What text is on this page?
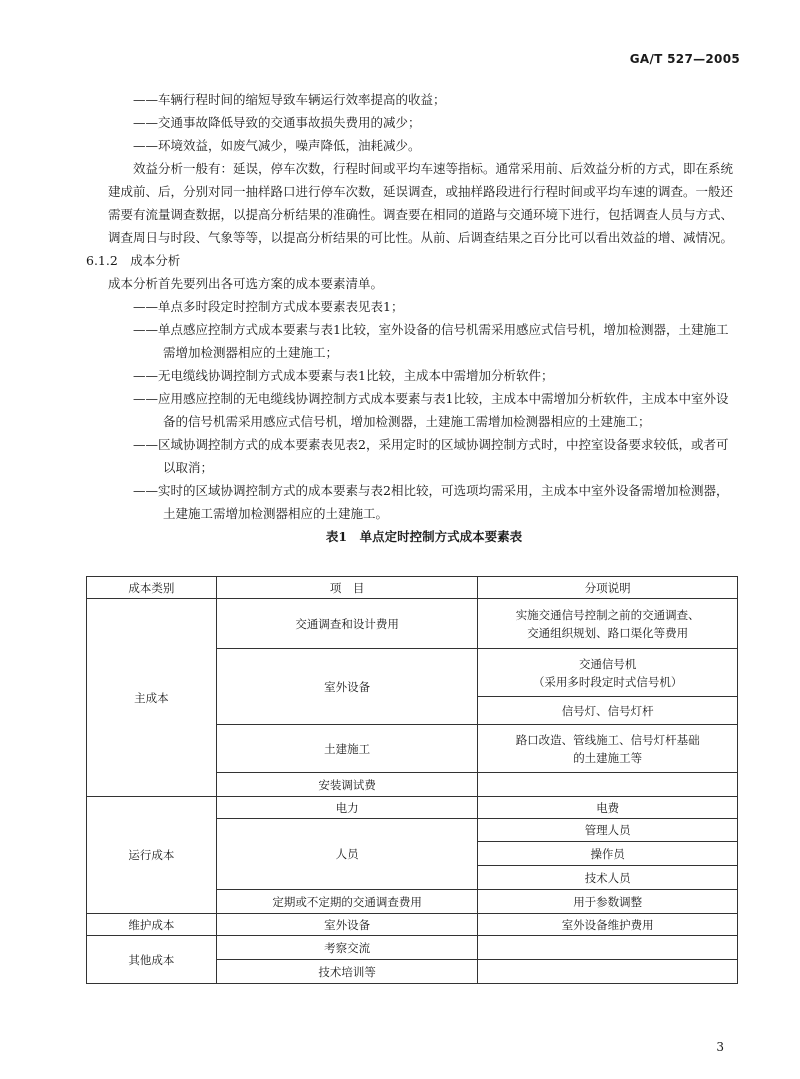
GA/T 527—2005

——车辆行程时间的缩短导致车辆运行效率提高的收益；

——交通事故降低导致的交通事故损失费用的减少；

——环境效益，如废气减少，噪声降低，油耗减少。

效益分析一般有：延误，停车次数，行程时间或平均车速等指标。通常采用前、后效益分析的方式，即在系统建成前、后，分别对同一抽样路口进行停车次数，延误调查，或抽样路段进行行程时间或平均车速的调查。一般还需要有流量调查数据，以提高分析结果的准确性。调查要在相同的道路与交通环境下进行，包括调查人员与方式、调查周日与时段、气象等等，以提高分析结果的可比性。从前、后调查结果之百分比可以看出效益的增、减情况。

6.1.2　成本分析

成本分析首先要列出各可选方案的成本要素清单。

——单点多时段定时控制方式成本要素表见表1；

——单点感应控制方式成本要素与表1比较，室外设备的信号机需采用感应式信号机，增加检测器，土建施工需增加检测器相应的土建施工；

——无电缆线协调控制方式成本要素与表1比较，主成本中需增加分析软件；

——应用感应控制的无电缆线协调控制方式成本要素与表1比较，主成本中需增加分析软件，主成本中室外设备的信号机需采用感应式信号机，增加检测器，土建施工需增加检测器相应的土建施工；

——区域协调控制方式的成本要素表见表2，采用定时的区域协调控制方式时，中控室设备要求较低，或者可以取消；

——实时的区域协调控制方式的成本要素与表2相比较，可选项均需采用，主成本中室外设备需增加检测器，土建施工需增加检测器相应的土建施工。

表1　单点定时控制方式成本要素表

成本类别	项　目	分项说明
主成本	交通调查和设计费用	实施交通信号控制之前的交通调查、
交通组织规划、路口渠化等费用

	室外设备	交通信号机
（采用多时段定时式信号机）

		信号灯、信号灯杆
	土建施工	路口改造、管线施工、信号灯杆基础
的土建施工等

	安装调试费	
运行成本	电力	电费
	人员	管理人员
		操作员
		技术人员
	定期或不定期的交通调查费用	用于参数调整
维护成本	室外设备	室外设备维护费用
其他成本	考察交流	
	技术培训等	
3
